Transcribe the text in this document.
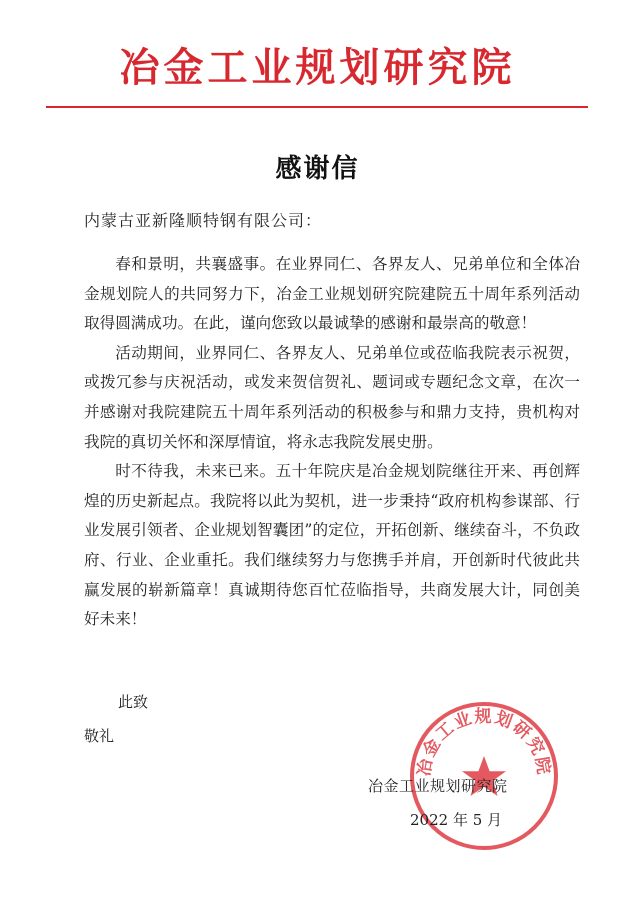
冶金工业规划研究院
感谢信
内蒙古亚新隆顺特钢有限公司：

春和景明，共襄盛事。在业界同仁、各界友人、兄弟单位和全体冶金规划院人的共同努力下，冶金工业规划研究院建院五十周年系列活动取得圆满成功。在此，谨向您致以最诚挚的感谢和最崇高的敬意！

活动期间，业界同仁、各界友人、兄弟单位或莅临我院表示祝贺，或拨冗参与庆祝活动，或发来贺信贺礼、题词或专题纪念文章，在次一并感谢对我院建院五十周年系列活动的积极参与和鼎力支持，贵机构对我院的真切关怀和深厚情谊，将永志我院发展史册。

时不待我，未来已来。五十年院庆是冶金规划院继往开来、再创辉煌的历史新起点。我院将以此为契机，进一步秉持“政府机构参谋部、行业发展引领者、企业规划智囊团”的定位，开拓创新、继续奋斗，不负政府、行业、企业重托。我们继续努力与您携手并肩，开创新时代彼此共赢发展的崭新篇章！真诚期待您百忙莅临指导，共商发展大计，同创美好未来！

此致
敬礼
冶金工业规划研究院
冶金工业规划研究院
2022 年 5 月
